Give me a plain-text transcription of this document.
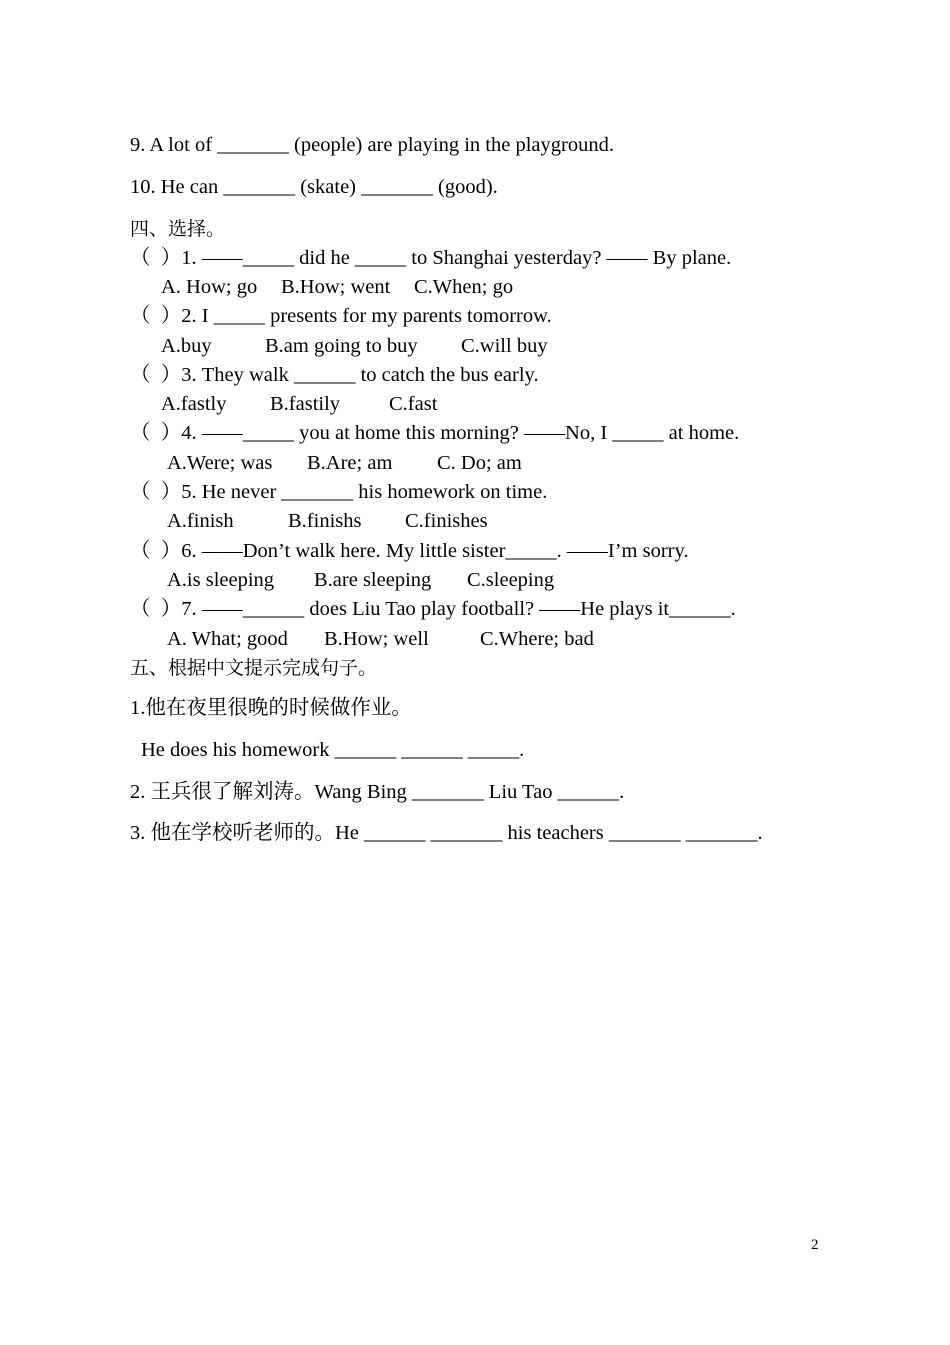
9. A lot of _______ (people) are playing in the playground.
10. He can _______ (skate) _______ (good).
四、选择。
（  ）1. ——_____ did he _____ to Shanghai yesterday? —— By plane.
A. How; go B.How; went C.When; go
（  ）2. I _____ presents for my parents tomorrow.
A.buy	B.am going to buy C.will buy
（  ）3. They walk ______ to catch the bus early.
A.fastly B.fastily C.fast
（  ）4. ——_____ you at home this morning? ——No, I _____ at home.
A.Were; was B.Are; am C. Do; am
（  ）5. He never _______ his homework on time.
A.finish	B.finishs C.finishes
（  ）6. ——Don’t walk here. My little sister_____. ——I’m sorry.
A.is sleeping B.are sleeping C.sleeping
（  ）7. ——______ does Liu Tao play football? ——He plays it______.
A. What; good B.How; well C.Where; bad
五、根据中文提示完成句子。
1.他在夜里很晚的时候做作业。
He does his homework ______ ______ _____.
2. 王兵很了解刘涛。Wang Bing _______ Liu Tao ______.
3. 他在学校听老师的。He ______ _______ his teachers _______ _______.
2
